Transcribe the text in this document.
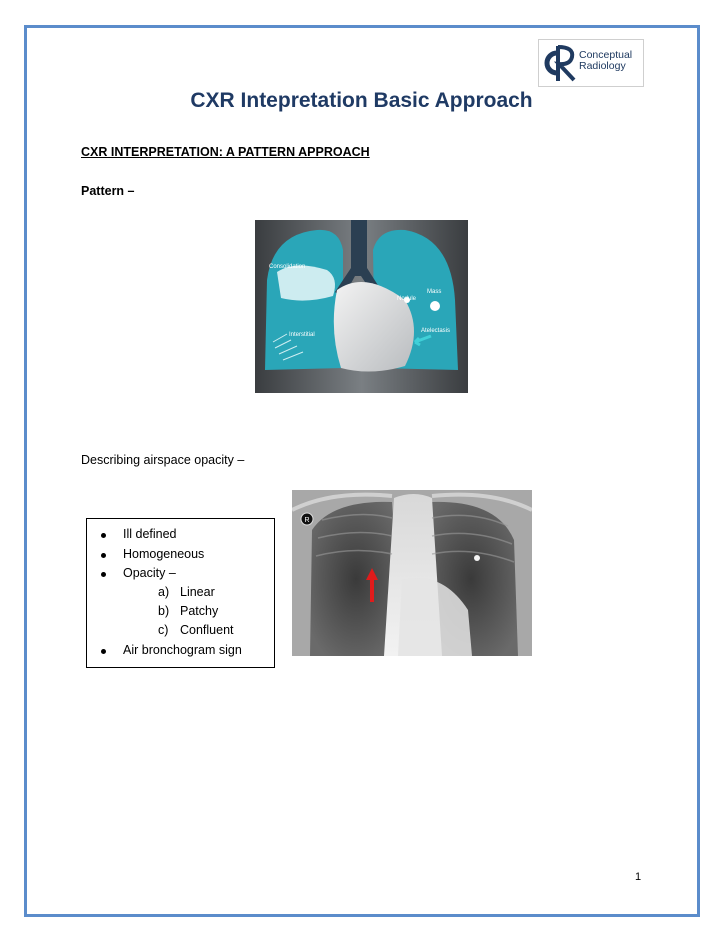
Conceptual
Radiology
CXR Intepretation Basic Approach
CXR INTERPRETATION: A PATTERN APPROACH
Pattern –
Consolidation
Nodule
Mass
Atelectasis
Interstitial
Describing airspace opacity –
Ill defined
Homogeneous
Opacity –
a) Linear
b) Patchy
c) Confluent
Air bronchogram sign
R
1
